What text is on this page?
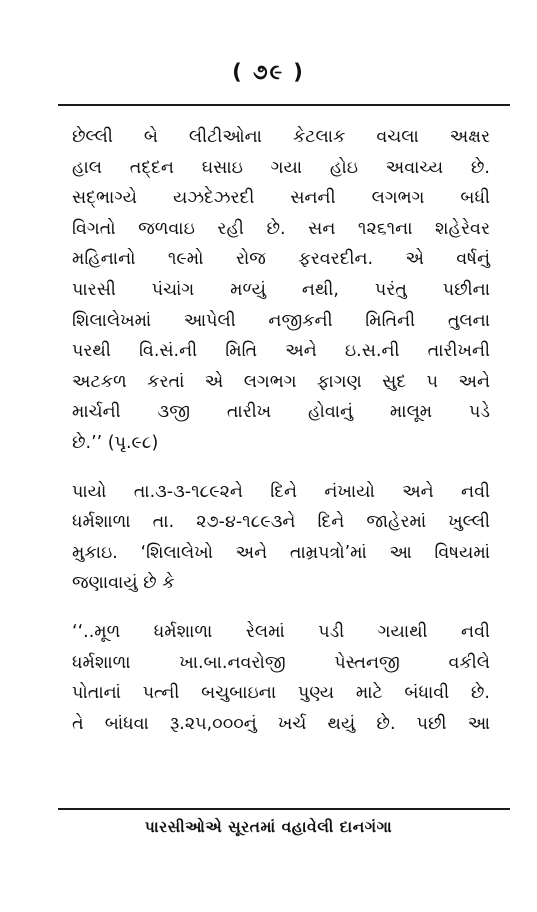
( ૭૯ )
છેલ્લી બે લીટીઓના કેટલાક વચલા અક્ષર
હાલ તદ્દન ઘસાઇ ગયા હોઇ અવાચ્ય છે.
સદ્ભાગ્યે યઝદેઝરદી સનની લગભગ બધી
વિગતો જળવાઇ રહી છે. સન ૧૨૬૧ના શહેરેવર
મહિનાનો ૧૯મો રોજ ફરવરદીન. એ વર્ષનું
પારસી પંચાંગ મળ્યું નથી, પરંતુ પછીના
શિલાલેખમાં આપેલી નજીકની મિતિની તુલના
પરથી વિ.સં.ની મિતિ અને ઇ.સ.ની તારીખની
અટકળ કરતાં એ લગભગ ફાગણ સુદ ૫ અને
માર્ચની ૩જી તારીખ હોવાનું માલૂમ પડે
છે.’’ (પૃ.૯૮)
પાયો તા.૩-૩-૧૮૯૨ને દિને નંખાયો અને નવી
ધર્મશાળા તા. ૨૭-૪-૧૮૯૩ને દિને જાહેરમાં ખુલ્લી
મુકાઇ. ‘શિલાલેખો અને તામ્રપત્રો’માં આ વિષયમાં
જણાવાયું છે કે
‘‘..મૂળ ધર્મશાળા રેલમાં પડી ગયાથી નવી
ધર્મશાળા ખા.બા.નવરોજી પેસ્તનજી વકીલે
પોતાનાં પત્ની બચુબાઇના પુણ્ય માટે બંધાવી છે.
તે બાંધવા રૂ.૨૫,૦૦૦નું ખર્ચ થયું છે. પછી આ
પારસીઓએ સૂરતમાં વહાવેલી દાનગંગા
